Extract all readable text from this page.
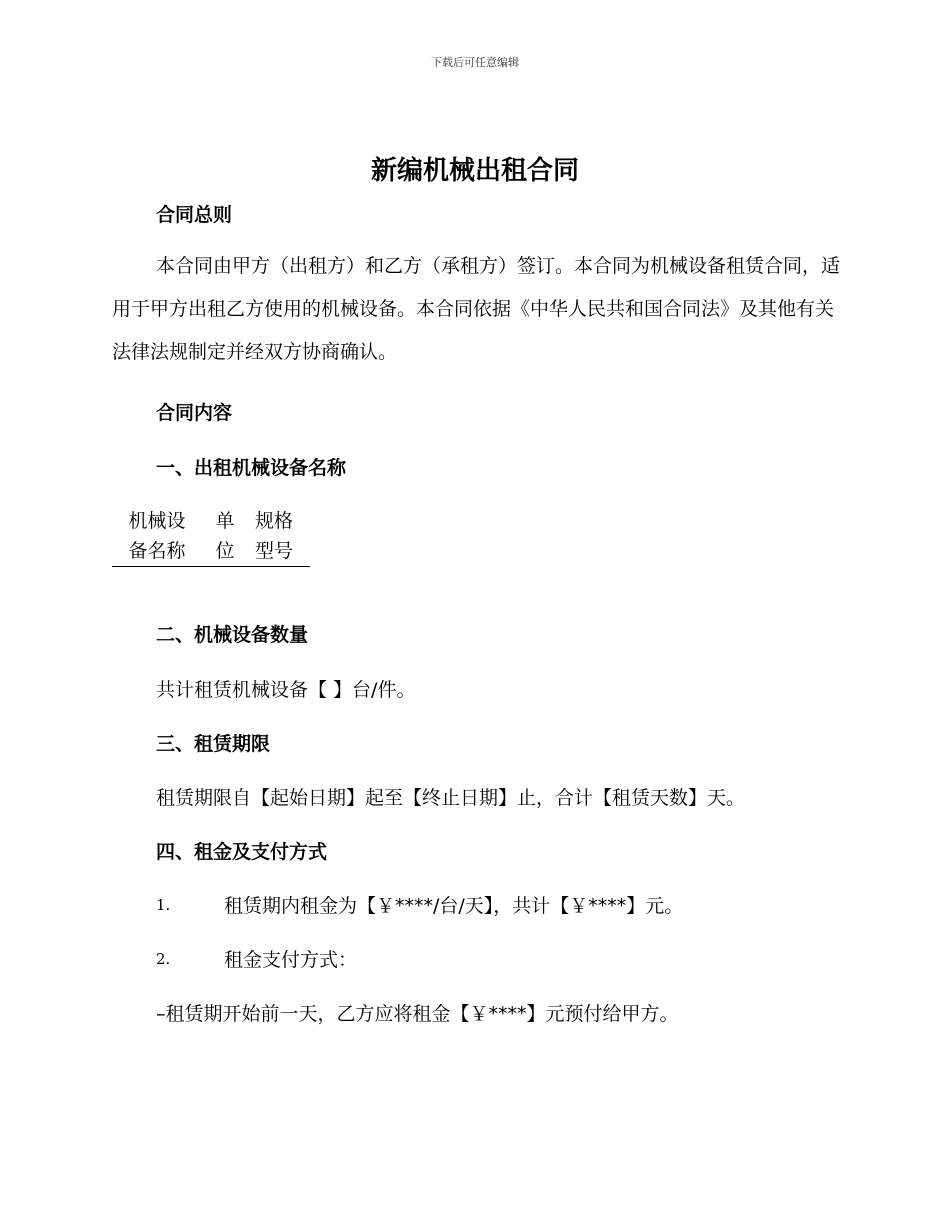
下载后可任意编辑
新编机械出租合同
合同总则
本合同由甲方（出租方）和乙方（承租方）签订。本合同为机械设备租赁合同，适用于甲方出租乙方使用的机械设备。本合同依据《中华人民共和国合同法》及其他有关法律法规制定并经双方协商确认。
合同内容
一、出租机械设备名称
机械设	单	规格
备名称	位	型号
二、机械设备数量
共计租赁机械设备【 】台/件。
三、租赁期限
租赁期限自【起始日期】起至【终止日期】止，合计【租赁天数】天。
四、租金及支付方式
1.	租赁期内租金为【￥****/台/天】，共计【￥****】元。
2.	租金支付方式：
–租赁期开始前一天，乙方应将租金【￥****】元预付给甲方。
